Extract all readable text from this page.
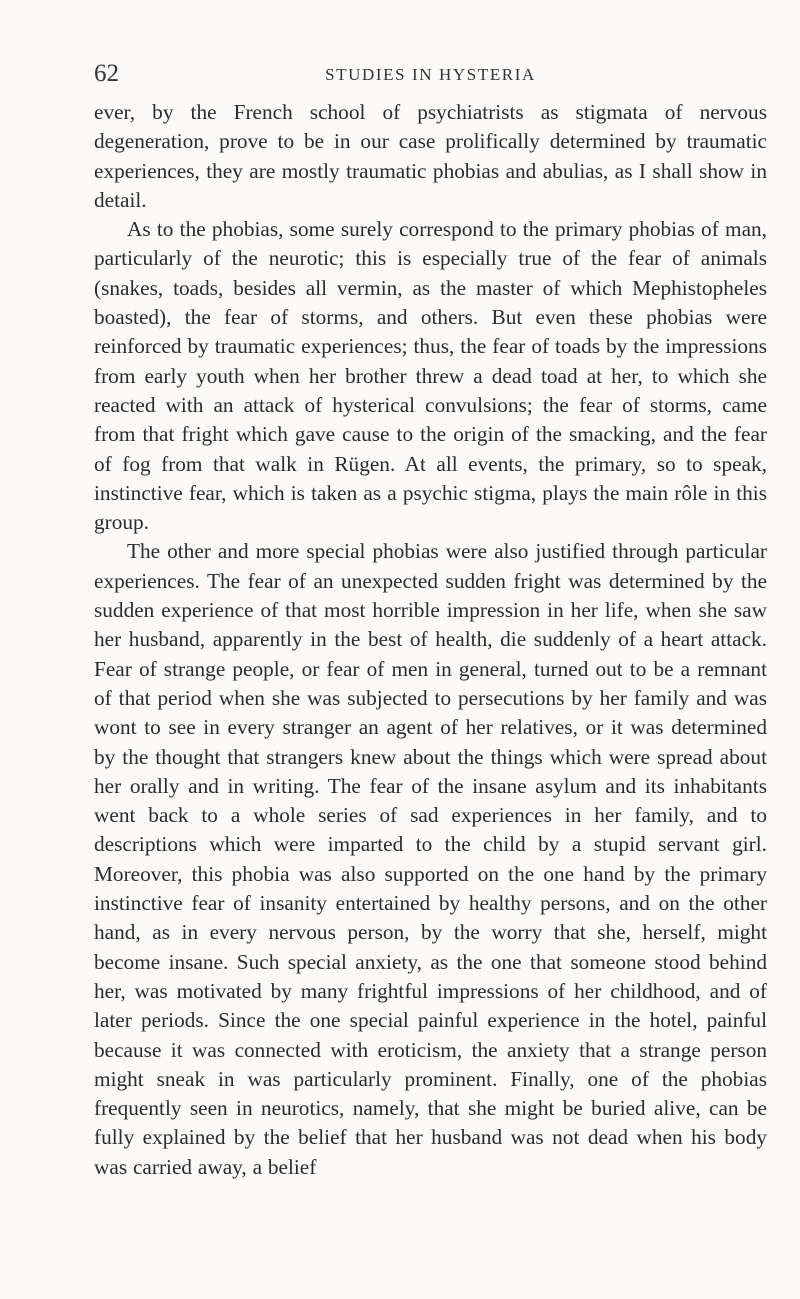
62	STUDIES IN HYSTERIA

ever, by the French school of psychiatrists as stigmata of nervous degeneration, prove to be in our case prolifically determined by traumatic experiences, they are mostly traumatic phobias and abulias, as I shall show in detail.

As to the phobias, some surely correspond to the primary phobias of man, particularly of the neurotic; this is especially true of the fear of animals (snakes, toads, besides all vermin, as the master of which Mephistopheles boasted), the fear of storms, and others. But even these phobias were reinforced by traumatic experiences; thus, the fear of toads by the impressions from early youth when her brother threw a dead toad at her, to which she reacted with an attack of hysterical convulsions; the fear of storms, came from that fright which gave cause to the origin of the smacking, and the fear of fog from that walk in Rügen. At all events, the primary, so to speak, instinctive fear, which is taken as a psychic stigma, plays the main rôle in this group.

The other and more special phobias were also justified through particular experiences. The fear of an unexpected sudden fright was determined by the sudden experience of that most horrible impression in her life, when she saw her husband, apparently in the best of health, die suddenly of a heart attack. Fear of strange people, or fear of men in general, turned out to be a remnant of that period when she was subjected to persecutions by her family and was wont to see in every stranger an agent of her relatives, or it was determined by the thought that strangers knew about the things which were spread about her orally and in writing. The fear of the insane asylum and its inhabitants went back to a whole series of sad experiences in her family, and to descriptions which were imparted to the child by a stupid servant girl. Moreover, this phobia was also supported on the one hand by the primary instinctive fear of insanity entertained by healthy persons, and on the other hand, as in every nervous person, by the worry that she, herself, might become insane. Such special anxiety, as the one that someone stood behind her, was motivated by many frightful impressions of her childhood, and of later periods. Since the one special painful experience in the hotel, painful because it was connected with eroticism, the anxiety that a strange person might sneak in was particularly prominent. Finally, one of the phobias frequently seen in neurotics, namely, that she might be buried alive, can be fully explained by the belief that her husband was not dead when his body was carried away, a belief
